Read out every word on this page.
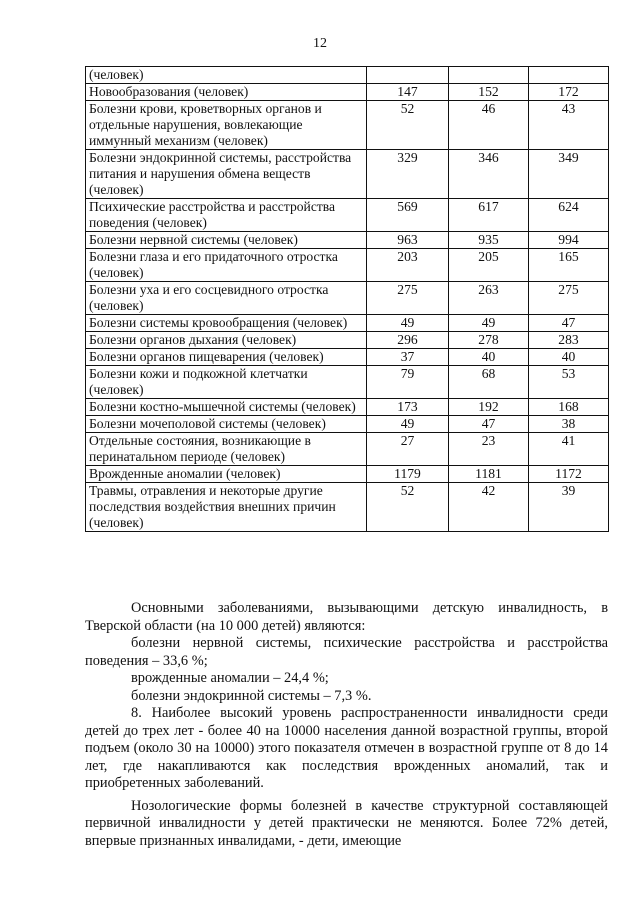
12
(человек)			
Новообразования (человек)	147	152	172
Болезни крови, кроветворных органов и отдельные нарушения, вовлекающие иммунный механизм (человек)	52	46	43
Болезни эндокринной системы, расстройства питания и нарушения обмена веществ (человек)	329	346	349
Психические расстройства и расстройства поведения (человек)	569	617	624
Болезни нервной системы (человек)	963	935	994
Болезни глаза и его придаточного отростка (человек)	203	205	165
Болезни уха и его сосцевидного отростка (человек)	275	263	275
Болезни системы кровообращения (человек)	49	49	47
Болезни органов дыхания (человек)	296	278	283
Болезни органов пищеварения (человек)	37	40	40
Болезни кожи и подкожной клетчатки (человек)	79	68	53
Болезни костно-мышечной системы (человек)	173	192	168
Болезни мочеполовой системы (человек)	49	47	38
Отдельные состояния, возникающие в перинатальном периоде (человек)	27	23	41
Врожденные аномалии (человек)	1179	1181	1172
Травмы, отравления и некоторые другие последствия воздействия внешних причин (человек)	52	42	39

Основными заболеваниями, вызывающими детскую инвалидность, в Тверской области (на 10 000 детей) являются:

болезни нервной системы, психические расстройства и расстройства поведения – 33,6 %;

врожденные аномалии – 24,4 %;

болезни эндокринной системы – 7,3 %.

8. Наиболее высокий уровень распространенности инвалидности среди детей до трех лет - более 40 на 10000 населения данной возрастной группы, второй подъем (около 30 на 10000) этого показателя отмечен в возрастной группе от 8 до 14 лет, где накапливаются как последствия врожденных аномалий, так и приобретенных заболеваний.

Нозологические формы болезней в качестве структурной составляющей первичной инвалидности у детей практически не меняются. Более 72% детей, впервые признанных инвалидами, - дети, имеющие
